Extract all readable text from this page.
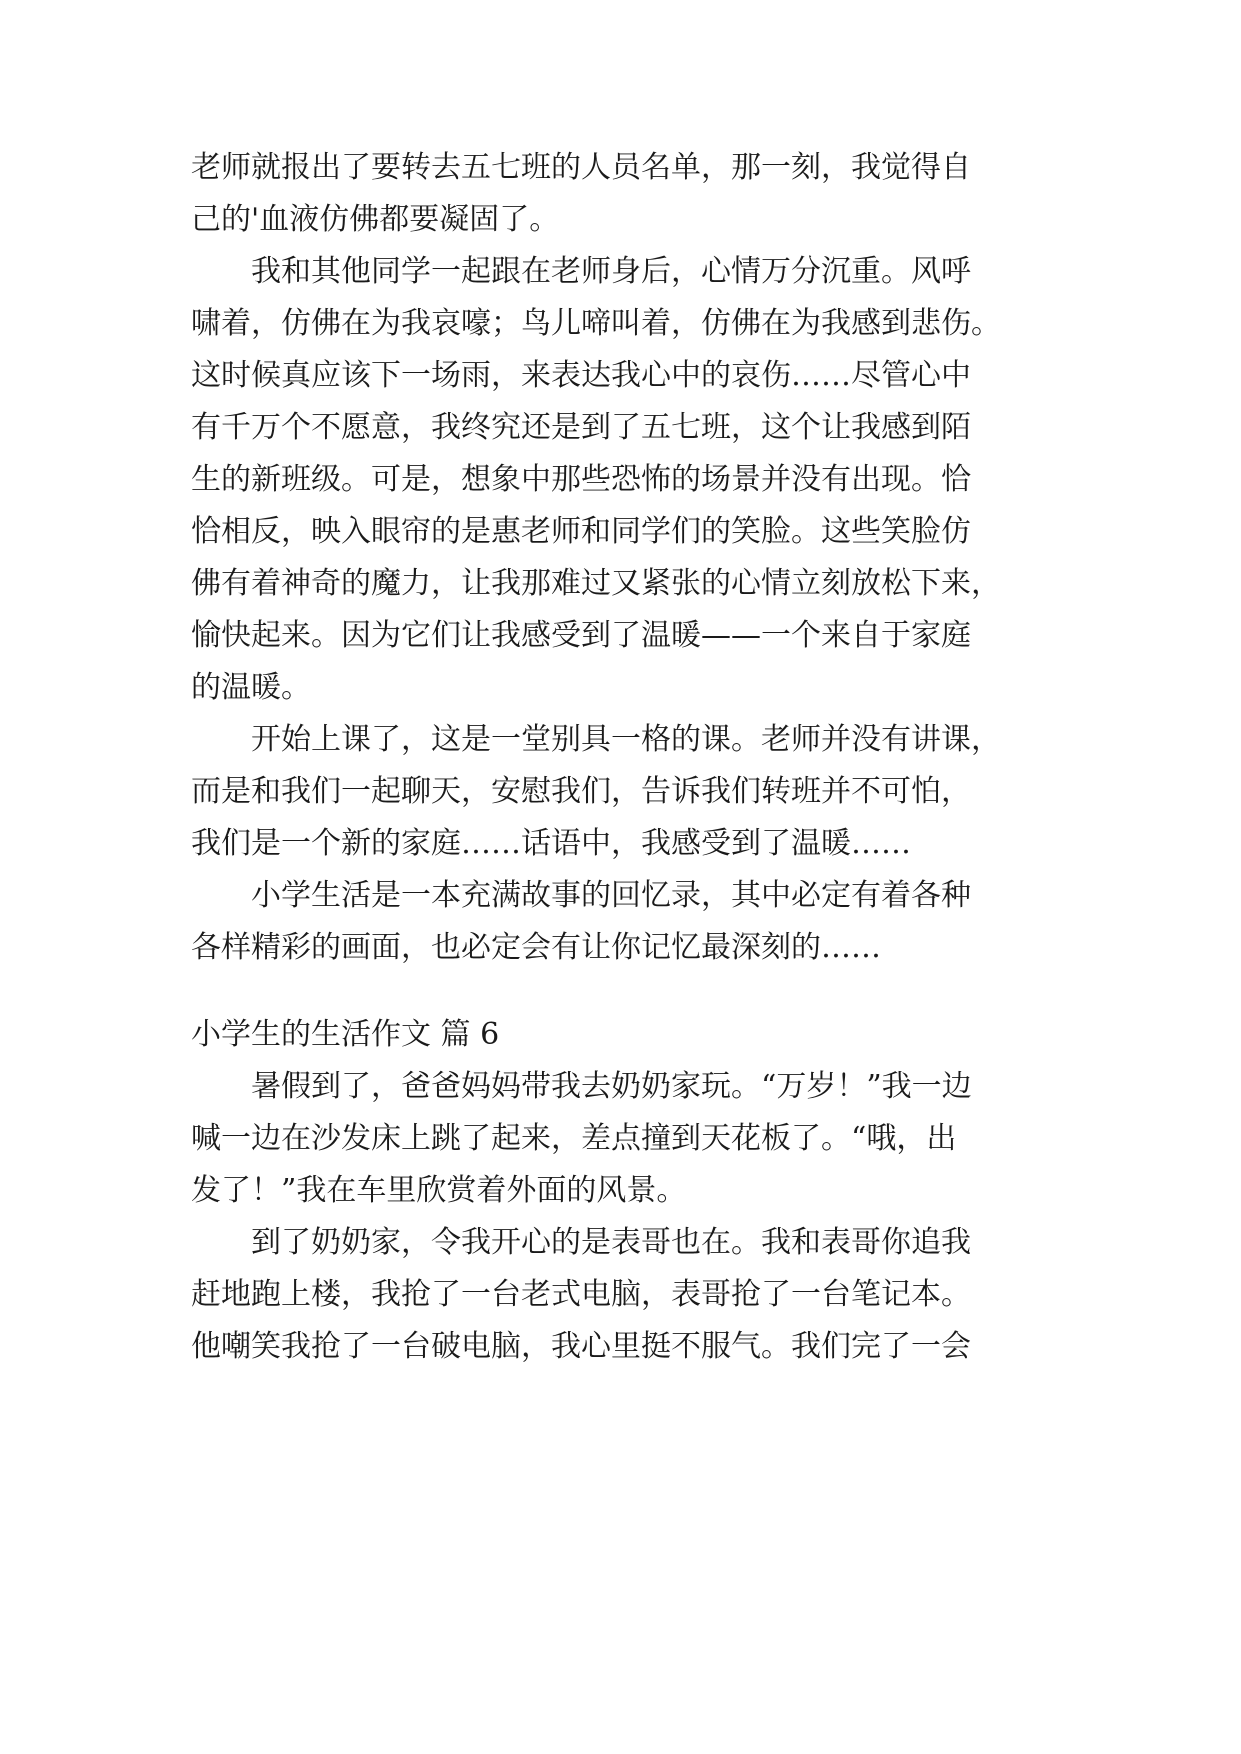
老师就报出了要转去五七班的人员名单，那一刻，我觉得自
己的'血液仿佛都要凝固了。
　　我和其他同学一起跟在老师身后，心情万分沉重。风呼
啸着，仿佛在为我哀嚎；鸟儿啼叫着，仿佛在为我感到悲伤。
这时候真应该下一场雨，来表达我心中的哀伤……尽管心中
有千万个不愿意，我终究还是到了五七班，这个让我感到陌
生的新班级。可是，想象中那些恐怖的场景并没有出现。恰
恰相反，映入眼帘的是惠老师和同学们的笑脸。这些笑脸仿
佛有着神奇的魔力，让我那难过又紧张的心情立刻放松下来，
愉快起来。因为它们让我感受到了温暖——一个来自于家庭
的温暖。
　　开始上课了，这是一堂别具一格的课。老师并没有讲课，
而是和我们一起聊天，安慰我们，告诉我们转班并不可怕，
我们是一个新的家庭……话语中，我感受到了温暖……
　　小学生活是一本充满故事的回忆录，其中必定有着各种
各样精彩的画面，也必定会有让你记忆最深刻的……
小学生的生活作文 篇 6
　　暑假到了，爸爸妈妈带我去奶奶家玩。“万岁！”我一边
喊一边在沙发床上跳了起来，差点撞到天花板了。“哦，出
发了！”我在车里欣赏着外面的风景。
　　到了奶奶家，令我开心的是表哥也在。我和表哥你追我
赶地跑上楼，我抢了一台老式电脑，表哥抢了一台笔记本。
他嘲笑我抢了一台破电脑，我心里挺不服气。我们完了一会
